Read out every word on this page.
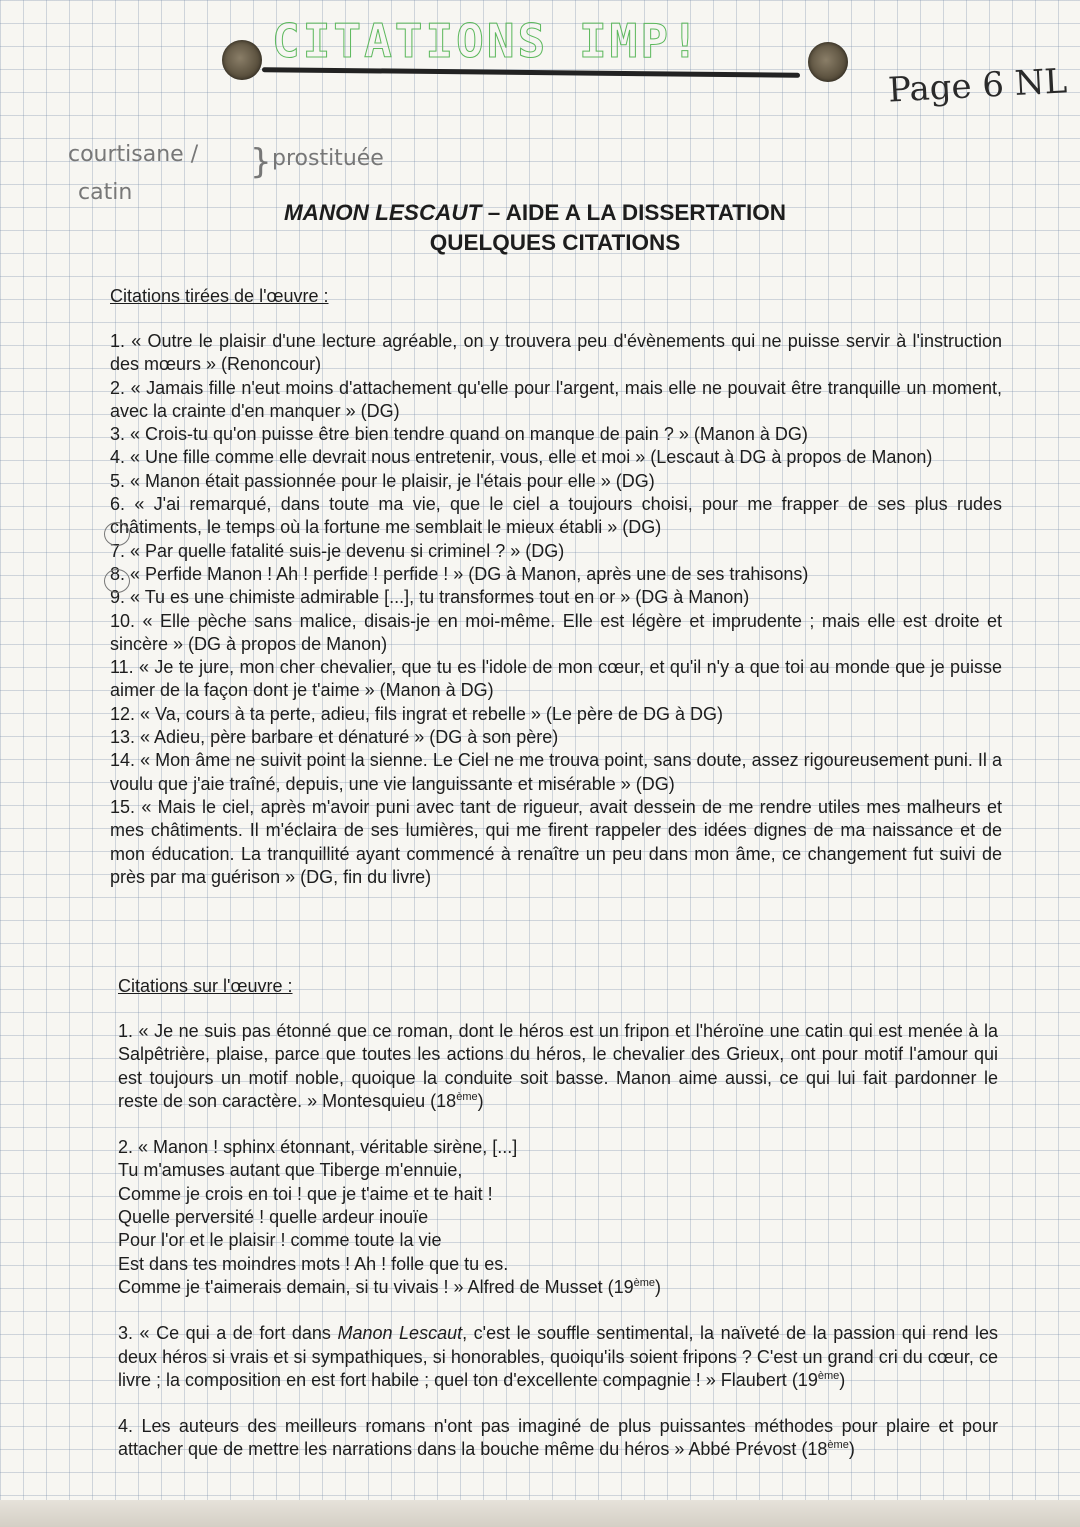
CITATIONS IMP!
Page 6 NL
courtisane /
catin
} prostituée
MANON LESCAUT – AIDE A LA DISSERTATION
QUELQUES CITATIONS
Citations tirées de l'œuvre :
1. « Outre le plaisir d'une lecture agréable, on y trouvera peu d'évènements qui ne puisse servir à l'instruction des mœurs » (Renoncour)
2. « Jamais fille n'eut moins d'attachement qu'elle pour l'argent, mais elle ne pouvait être tranquille un moment, avec la crainte d'en manquer » (DG)
3. « Crois-tu qu'on puisse être bien tendre quand on manque de pain ? » (Manon à DG)
4. « Une fille comme elle devrait nous entretenir, vous, elle et moi » (Lescaut à DG à propos de Manon)
5. « Manon était passionnée pour le plaisir, je l'étais pour elle » (DG)
6. « J'ai remarqué, dans toute ma vie, que le ciel a toujours choisi, pour me frapper de ses plus rudes châtiments, le temps où la fortune me semblait le mieux établi » (DG)
7. « Par quelle fatalité suis-je devenu si criminel ? » (DG)
8. « Perfide Manon ! Ah ! perfide ! perfide ! » (DG à Manon, après une de ses trahisons)
9. « Tu es une chimiste admirable [...], tu transformes tout en or » (DG à Manon)
10. « Elle pèche sans malice, disais-je en moi-même. Elle est légère et imprudente ; mais elle est droite et sincère » (DG à propos de Manon)
11. « Je te jure, mon cher chevalier, que tu es l'idole de mon cœur, et qu'il n'y a que toi au monde que je puisse aimer de la façon dont je t'aime » (Manon à DG)
12. « Va, cours à ta perte, adieu, fils ingrat et rebelle » (Le père de DG à DG)
13. « Adieu, père barbare et dénaturé » (DG à son père)
14. « Mon âme ne suivit point la sienne. Le Ciel ne me trouva point, sans doute, assez rigoureusement puni. Il a voulu que j'aie traîné, depuis, une vie languissante et misérable » (DG)
15. « Mais le ciel, après m'avoir puni avec tant de rigueur, avait dessein de me rendre utiles mes malheurs et mes châtiments. Il m'éclaira de ses lumières, qui me firent rappeler des idées dignes de ma naissance et de mon éducation. La tranquillité ayant commencé à renaître un peu dans mon âme, ce changement fut suivi de près par ma guérison » (DG, fin du livre)
Citations sur l'œuvre :
1. « Je ne suis pas étonné que ce roman, dont le héros est un fripon et l'héroïne une catin qui est menée à la Salpêtrière, plaise, parce que toutes les actions du héros, le chevalier des Grieux, ont pour motif l'amour qui est toujours un motif noble, quoique la conduite soit basse. Manon aime aussi, ce qui lui fait pardonner le reste de son caractère. » Montesquieu (18ème)
2. « Manon ! sphinx étonnant, véritable sirène, [...]
Tu m'amuses autant que Tiberge m'ennuie,
Comme je crois en toi ! que je t'aime et te hait !
Quelle perversité ! quelle ardeur inouïe
Pour l'or et le plaisir ! comme toute la vie
Est dans tes moindres mots ! Ah ! folle que tu es.
Comme je t'aimerais demain, si tu vivais ! » Alfred de Musset (19ème)
3. « Ce qui a de fort dans Manon Lescaut, c'est le souffle sentimental, la naïveté de la passion qui rend les deux héros si vrais et si sympathiques, si honorables, quoiqu'ils soient fripons ? C'est un grand cri du cœur, ce livre ; la composition en est fort habile ; quel ton d'excellente compagnie ! » Flaubert (19ème)
4. Les auteurs des meilleurs romans n'ont pas imaginé de plus puissantes méthodes pour plaire et pour attacher que de mettre les narrations dans la bouche même du héros » Abbé Prévost (18ème)
